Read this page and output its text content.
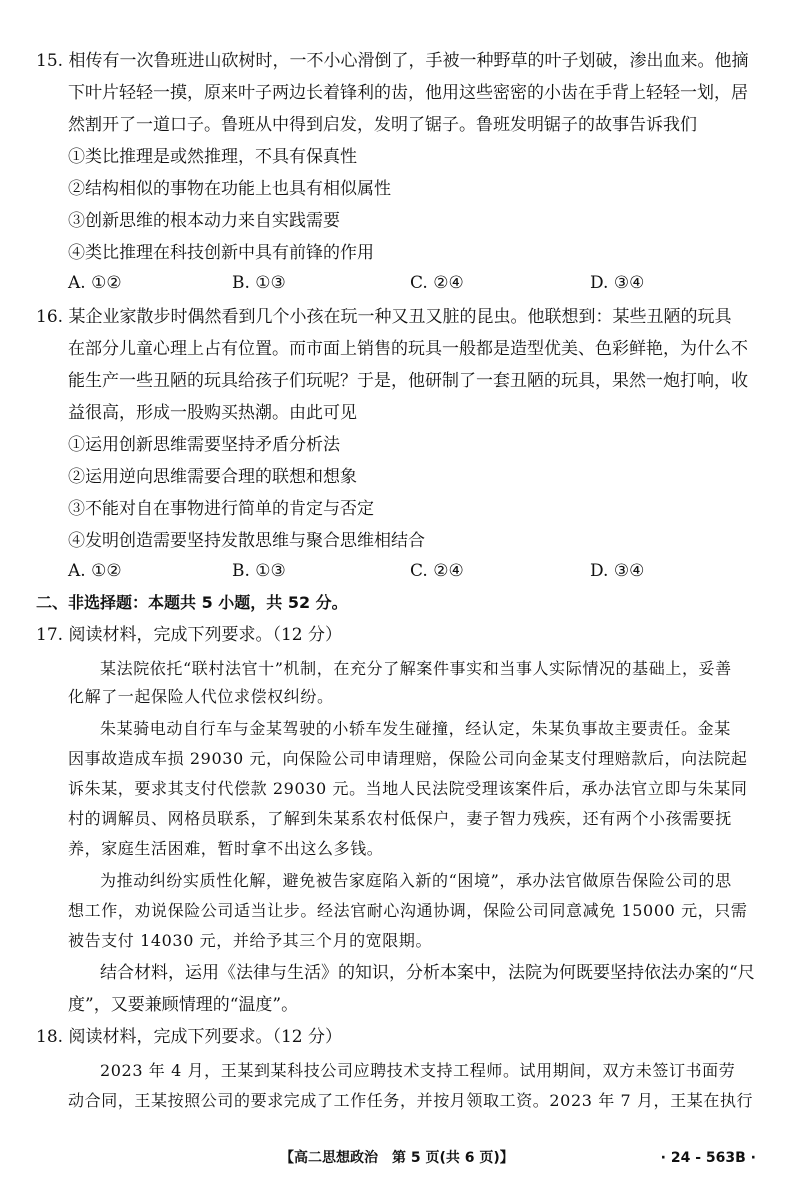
15. 相传有一次鲁班进山砍树时，一不小心滑倒了，手被一种野草的叶子划破，渗出血来。他摘
下叶片轻轻一摸，原来叶子两边长着锋利的齿，他用这些密密的小齿在手背上轻轻一划，居
然割开了一道口子。鲁班从中得到启发，发明了锯子。鲁班发明锯子的故事告诉我们
①类比推理是或然推理，不具有保真性
②结构相似的事物在功能上也具有相似属性
③创新思维的根本动力来自实践需要
④类比推理在科技创新中具有前锋的作用
A. ①②	B. ①③	C. ②④	D. ③④
16. 某企业家散步时偶然看到几个小孩在玩一种又丑又脏的昆虫。他联想到：某些丑陋的玩具
在部分儿童心理上占有位置。而市面上销售的玩具一般都是造型优美、色彩鲜艳，为什么不
能生产一些丑陋的玩具给孩子们玩呢？于是，他研制了一套丑陋的玩具，果然一炮打响，收
益很高，形成一股购买热潮。由此可见
①运用创新思维需要坚持矛盾分析法
②运用逆向思维需要合理的联想和想象
③不能对自在事物进行简单的肯定与否定
④发明创造需要坚持发散思维与聚合思维相结合
A. ①②	B. ①③	C. ②④	D. ③④
二、非选择题：本题共 5 小题，共 52 分。
17. 阅读材料，完成下列要求。（12 分）
某法院依托“联村法官十”机制，在充分了解案件事实和当事人实际情况的基础上，妥善
化解了一起保险人代位求偿权纠纷。
朱某骑电动自行车与金某驾驶的小轿车发生碰撞，经认定，朱某负事故主要责任。金某
因事故造成车损 29030 元，向保险公司申请理赔，保险公司向金某支付理赔款后，向法院起
诉朱某，要求其支付代偿款 29030 元。当地人民法院受理该案件后，承办法官立即与朱某同
村的调解员、网格员联系，了解到朱某系农村低保户，妻子智力残疾，还有两个小孩需要抚
养，家庭生活困难，暂时拿不出这么多钱。
为推动纠纷实质性化解，避免被告家庭陷入新的“困境”，承办法官做原告保险公司的思
想工作，劝说保险公司适当让步。经法官耐心沟通协调，保险公司同意减免 15000 元，只需
被告支付 14030 元，并给予其三个月的宽限期。
结合材料，运用《法律与生活》的知识，分析本案中，法院为何既要坚持依法办案的“尺
度”，又要兼顾情理的“温度”。
18. 阅读材料，完成下列要求。（12 分）
2023 年 4 月，王某到某科技公司应聘技术支持工程师。试用期间，双方未签订书面劳
动合同，王某按照公司的要求完成了工作任务，并按月领取工资。2023 年 7 月，王某在执行
【高二思想政治　第 5 页(共 6 页)】	· 24 - 563B ·
